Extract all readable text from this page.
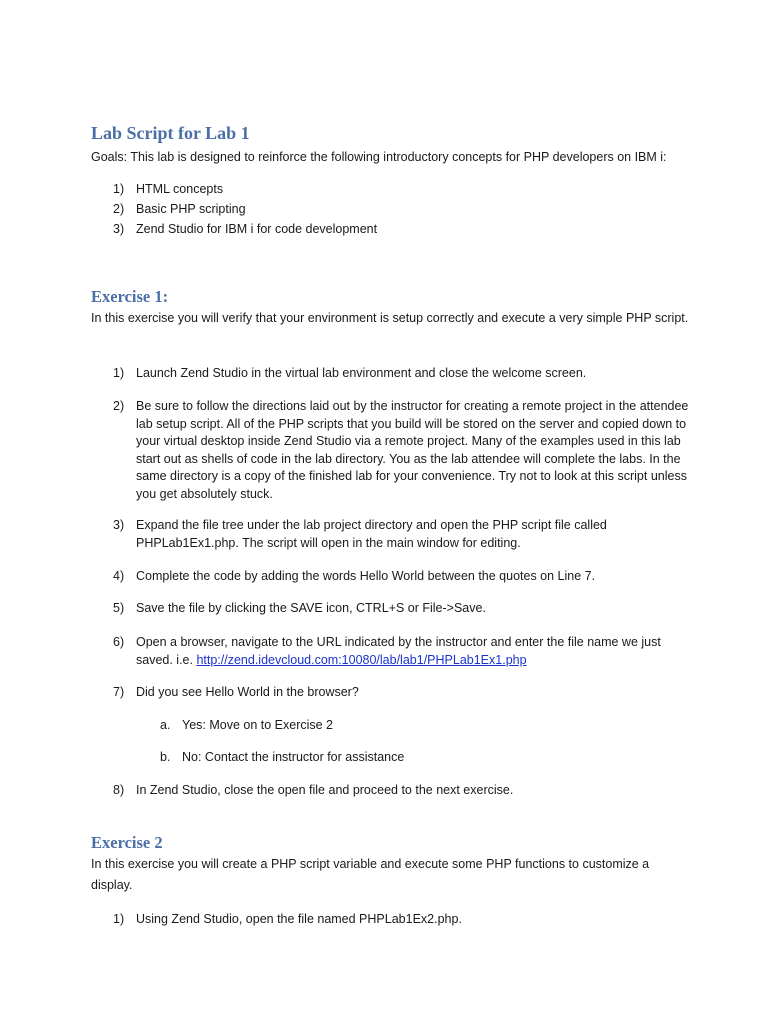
Lab Script for Lab 1

Goals: This lab is designed to reinforce the following introductory concepts for PHP developers on IBM i:

1) HTML concepts
2) Basic PHP scripting
3) Zend Studio for IBM i for code development
Exercise 1:

In this exercise you will verify that your environment is setup correctly and execute a very simple PHP script.

1) Launch Zend Studio in the virtual lab environment and close the welcome screen.
2) Be sure to follow the directions laid out by the instructor for creating a remote project in the attendee lab setup script. All of the PHP scripts that you build will be stored on the server and copied down to your virtual desktop inside Zend Studio via a remote project. Many of the examples used in this lab start out as shells of code in the lab directory. You as the lab attendee will complete the labs. In the same directory is a copy of the finished lab for your convenience. Try not to look at this script unless you get absolutely stuck.
3) Expand the file tree under the lab project directory and open the PHP script file called PHPLab1Ex1.php. The script will open in the main window for editing.
4) Complete the code by adding the words Hello World between the quotes on Line 7.
5) Save the file by clicking the SAVE icon, CTRL+S or File->Save.
6) Open a browser, navigate to the URL indicated by the instructor and enter the file name we just saved. i.e. http://zend.idevcloud.com:10080/lab/lab1/PHPLab1Ex1.php
7) Did you see Hello World in the browser?
a. Yes: Move on to Exercise 2
b. No: Contact the instructor for assistance
8) In Zend Studio, close the open file and proceed to the next exercise.
Exercise 2

In this exercise you will create a PHP script variable and execute some PHP functions to customize a display.

1) Using Zend Studio, open the file named PHPLab1Ex2.php.
